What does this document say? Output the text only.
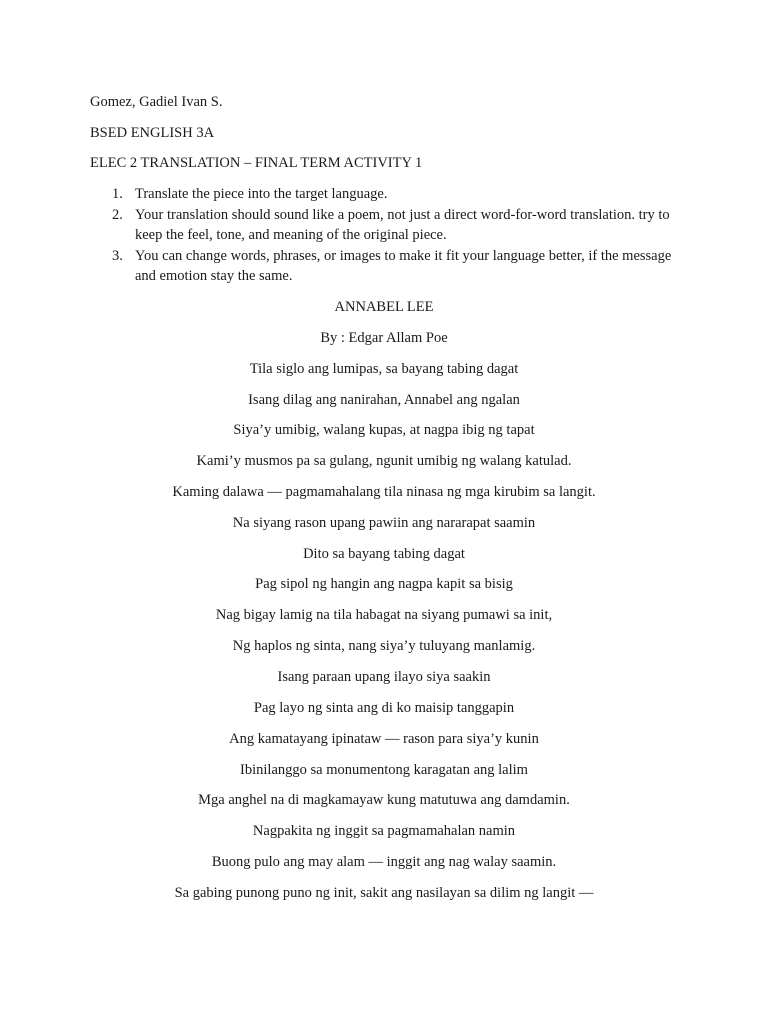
Gomez, Gadiel Ivan S.

BSED ENGLISH 3A

ELEC 2 TRANSLATION – FINAL TERM ACTIVITY 1

1. Translate the piece into the target language.
2. Your translation should sound like a poem, not just a direct word-for-word translation. try to keep the feel, tone, and meaning of the original piece.
3. You can change words, phrases, or images to make it fit your language better, if the message and emotion stay the same.

ANNABEL LEE

By : Edgar Allam Poe

Tila siglo ang lumipas, sa bayang tabing dagat

Isang dilag ang nanirahan, Annabel ang ngalan

Siya’y umibig, walang kupas, at nagpa ibig ng tapat

Kami’y musmos pa sa gulang, ngunit umibig ng walang katulad.

Kaming dalawa — pagmamahalang tila ninasa ng mga kirubim sa langit.

Na siyang rason upang pawiin ang nararapat saamin

Dito sa bayang tabing dagat

Pag sipol ng hangin ang nagpa kapit sa bisig

Nag bigay lamig na tila habagat na siyang pumawi sa init,

Ng haplos ng sinta, nang siya’y tuluyang manlamig.

Isang paraan upang ilayo siya saakin

Pag layo ng sinta ang di ko maisip tanggapin

Ang kamatayang ipinataw — rason para siya’y kunin

Ibinilanggo sa monumentong karagatan ang lalim

Mga anghel na di magkamayaw kung matutuwa ang damdamin.

Nagpakita ng inggit sa pagmamahalan namin

Buong pulo ang may alam — inggit ang nag walay saamin.

Sa gabing punong puno ng init, sakit ang nasilayan sa dilim ng langit —
